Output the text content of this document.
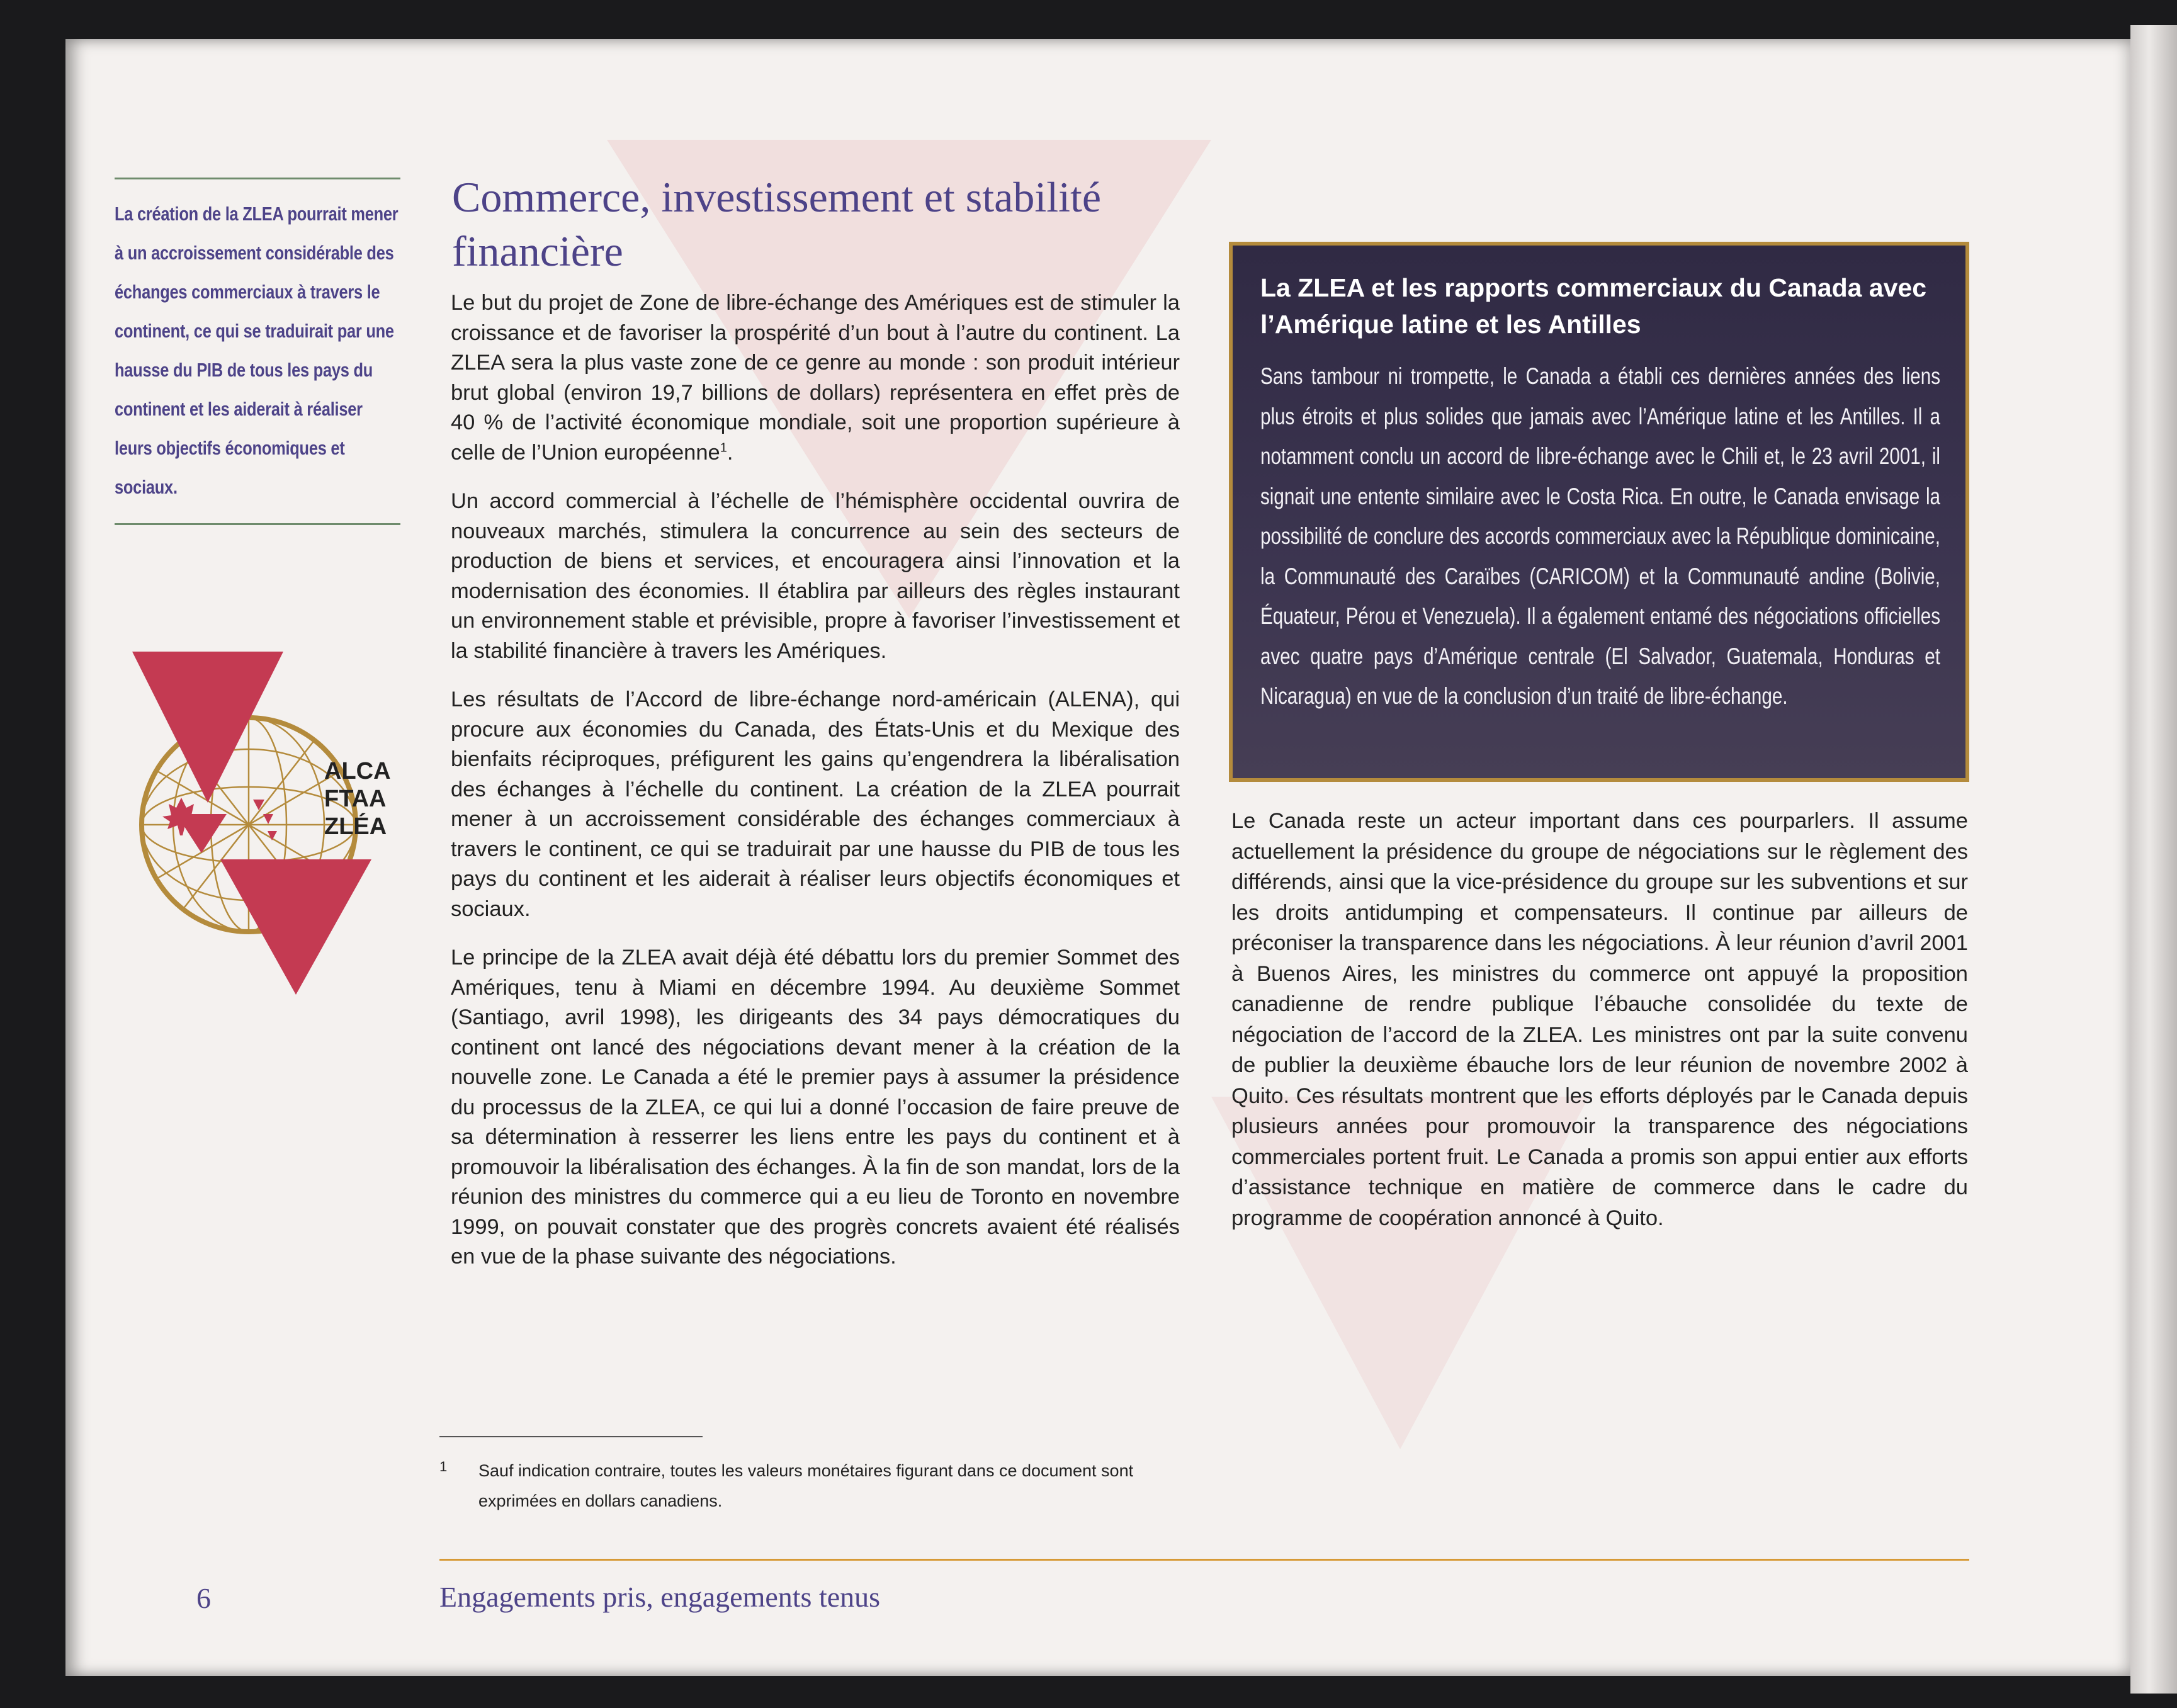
La création de la ZLEA pourrait mener à un accroissement considérable des échanges commerciaux à travers le continent, ce qui se traduirait par une hausse du PIB de tous les pays du continent et les aiderait à réaliser leurs objectifs économiques et sociaux.

ALCA
FTAA
ZLÉA
Commerce, investissement et stabilité financière

Le but du projet de Zone de libre-échange des Amériques est de stimuler la croissance et de favoriser la prospérité d’un bout à l’autre du continent. La ZLEA sera la plus vaste zone de ce genre au monde : son produit intérieur brut global (environ 19,7 billions de dollars) représentera en effet près de 40 % de l’activité économique mondiale, soit une proportion supérieure à celle de l’Union européenne$^1$.

Un accord commercial à l’échelle de l’hémisphère occidental ouvrira de nouveaux marchés, stimulera la concurrence au sein des secteurs de production de biens et services, et encouragera ainsi l’innovation et la modernisation des économies. Il établira par ailleurs des règles instaurant un environnement stable et prévisible, propre à favoriser l’investissement et la stabilité financière à travers les Amériques.

Les résultats de l’Accord de libre-échange nord-américain (ALENA), qui procure aux économies du Canada, des États-Unis et du Mexique des bienfaits réciproques, préfigurent les gains qu’engendrera la libéralisation des échanges à l’échelle du continent. La création de la ZLEA pourrait mener à un accroissement considérable des échanges commerciaux à travers le continent, ce qui se traduirait par une hausse du PIB de tous les pays du continent et les aiderait à réaliser leurs objectifs économiques et sociaux.

Le principe de la ZLEA avait déjà été débattu lors du premier Sommet des Amériques, tenu à Miami en décembre 1994. Au deuxième Sommet (Santiago, avril 1998), les dirigeants des 34 pays démocratiques du continent ont lancé des négociations devant mener à la création de la nouvelle zone. Le Canada a été le premier pays à assumer la présidence du processus de la ZLEA, ce qui lui a donné l’occasion de faire preuve de sa détermination à resserrer les liens entre les pays du continent et à promouvoir la libéralisation des échanges. À la fin de son mandat, lors de la réunion des ministres du commerce qui a eu lieu de Toronto en novembre 1999, on pouvait constater que des progrès concrets avaient été réalisés en vue de la phase suivante des négociations.

La ZLEA et les rapports commerciaux du Canada avec l’Amérique latine et les Antilles
Sans tambour ni trompette, le Canada a établi ces dernières années des liens plus étroits et plus solides que jamais avec l’Amérique latine et les Antilles. Il a notamment conclu un accord de libre-échange avec le Chili et, le 23 avril 2001, il signait une entente similaire avec le Costa Rica. En outre, le Canada envisage la possibilité de conclure des accords commerciaux avec la République dominicaine, la Communauté des Caraïbes (CARICOM) et la Communauté andine (Bolivie, Équateur, Pérou et Venezuela). Il a également entamé des négociations officielles avec quatre pays d’Amérique centrale (El Salvador, Guatemala, Honduras et Nicaragua) en vue de la conclusion d’un traité de libre-échange.

Le Canada reste un acteur important dans ces pourparlers. Il assume actuellement la présidence du groupe de négociations sur le règlement des différends, ainsi que la vice-présidence du groupe sur les subventions et sur les droits antidumping et compensateurs. Il continue par ailleurs de préconiser la transparence dans les négociations. À leur réunion d’avril 2001 à Buenos Aires, les ministres du commerce ont appuyé la proposition canadienne de rendre publique l’ébauche consolidée du texte de négociation de l’accord de la ZLEA. Les ministres ont par la suite convenu de publier la deuxième ébauche lors de leur réunion de novembre 2002 à Quito. Ces résultats montrent que les efforts déployés par le Canada depuis plusieurs années pour promouvoir la transparence des négociations commerciales portent fruit. Le Canada a promis son appui entier aux efforts d’assistance technique en matière de commerce dans le cadre du programme de coopération annoncé à Quito.

1 Sauf indication contraire, toutes les valeurs monétaires figurant dans ce document sont exprimées en dollars canadiens.
6	Engagements pris, engagements tenus
